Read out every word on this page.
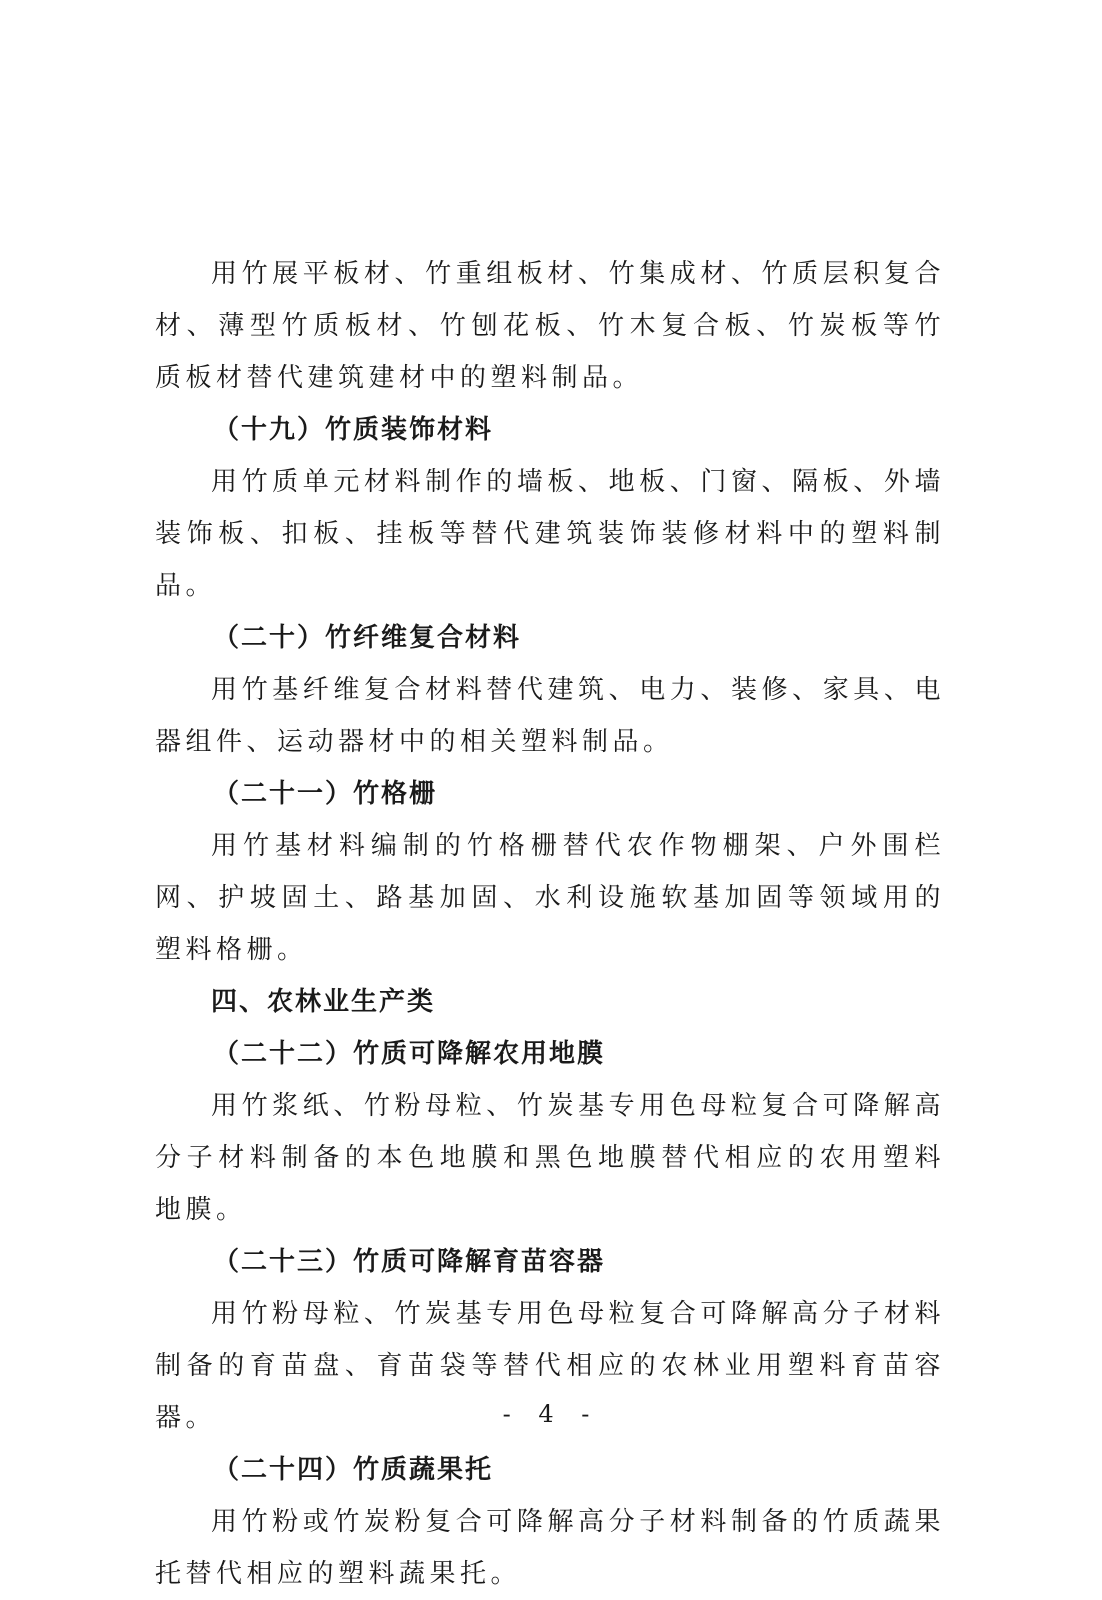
用竹展平板材、竹重组板材、竹集成材、竹质层积复合材、薄型竹质板材、竹刨花板、竹木复合板、竹炭板等竹质板材替代建筑建材中的塑料制品。

（十九）竹质装饰材料

用竹质单元材料制作的墙板、地板、门窗、隔板、外墙装饰板、扣板、挂板等替代建筑装饰装修材料中的塑料制品。

（二十）竹纤维复合材料

用竹基纤维复合材料替代建筑、电力、装修、家具、电器组件、运动器材中的相关塑料制品。

（二十一）竹格栅

用竹基材料编制的竹格栅替代农作物棚架、户外围栏网、护坡固土、路基加固、水利设施软基加固等领域用的塑料格栅。

四、农林业生产类

（二十二）竹质可降解农用地膜

用竹浆纸、竹粉母粒、竹炭基专用色母粒复合可降解高分子材料制备的本色地膜和黑色地膜替代相应的农用塑料地膜。

（二十三）竹质可降解育苗容器

用竹粉母粒、竹炭基专用色母粒复合可降解高分子材料制备的育苗盘、育苗袋等替代相应的农林业用塑料育苗容器。

（二十四）竹质蔬果托

用竹粉或竹炭粉复合可降解高分子材料制备的竹质蔬果托替代相应的塑料蔬果托。

- 4 -
